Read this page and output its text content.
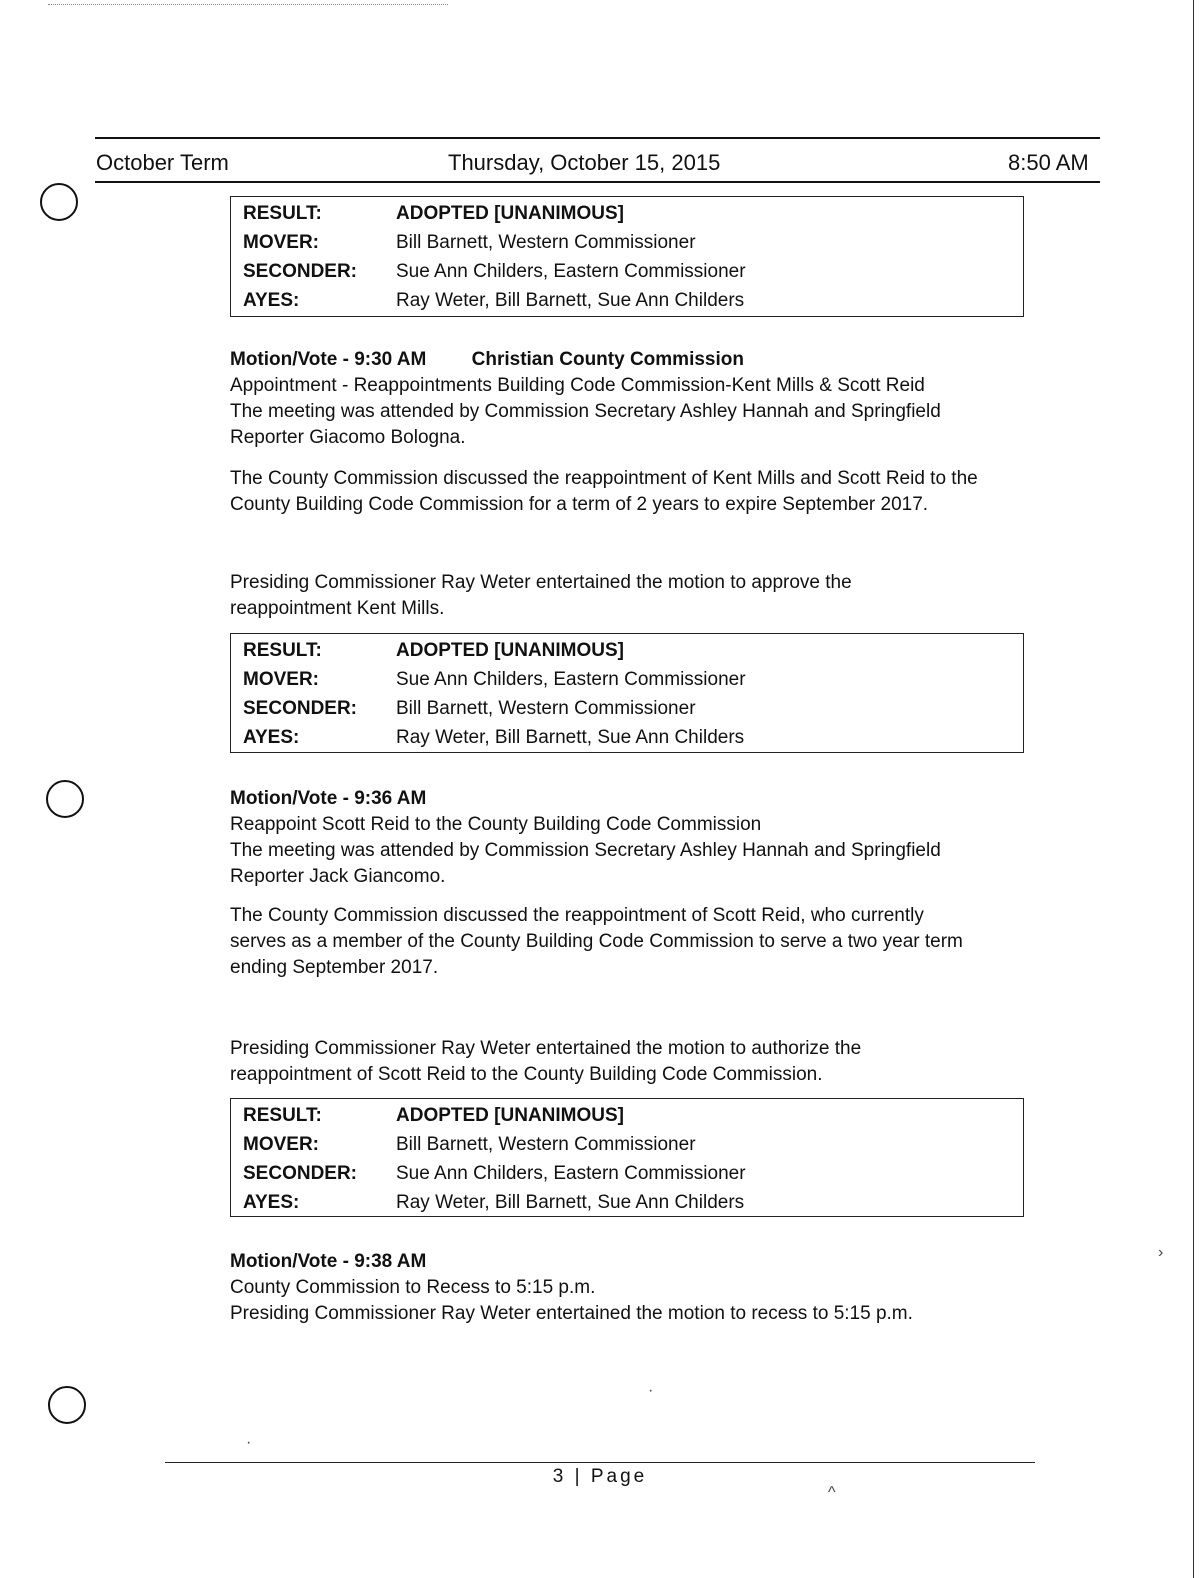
October Term	Thursday, October 15, 2015	8:50 AM
RESULT:	ADOPTED [UNANIMOUS]
MOVER:	Bill Barnett, Western Commissioner
SECONDER:	Sue Ann Childers, Eastern Commissioner
AYES:	Ray Weter, Bill Barnett, Sue Ann Childers
Motion/Vote - 9:30 AM Christian County Commission
Appointment - Reappointments Building Code Commission-Kent Mills & Scott Reid
The meeting was attended by Commission Secretary Ashley Hannah and Springfield
Reporter Giacomo Bologna.
The County Commission discussed the reappointment of Kent Mills and Scott Reid to the
County Building Code Commission for a term of 2 years to expire September 2017.
Presiding Commissioner Ray Weter entertained the motion to approve the
reappointment Kent Mills.
RESULT:	ADOPTED [UNANIMOUS]
MOVER:	Sue Ann Childers, Eastern Commissioner
SECONDER:	Bill Barnett, Western Commissioner
AYES:	Ray Weter, Bill Barnett, Sue Ann Childers
Motion/Vote - 9:36 AM
Reappoint Scott Reid to the County Building Code Commission
The meeting was attended by Commission Secretary Ashley Hannah and Springfield
Reporter Jack Giancomo.
The County Commission discussed the reappointment of Scott Reid, who currently
serves as a member of the County Building Code Commission to serve a two year term
ending September 2017.
Presiding Commissioner Ray Weter entertained the motion to authorize the
reappointment of Scott Reid to the County Building Code Commission.
RESULT:	ADOPTED [UNANIMOUS]
MOVER:	Bill Barnett, Western Commissioner
SECONDER:	Sue Ann Childers, Eastern Commissioner
AYES:	Ray Weter, Bill Barnett, Sue Ann Childers
Motion/Vote - 9:38 AM
County Commission to Recess to 5:15 p.m.
Presiding Commissioner Ray Weter entertained the motion to recess to 5:15 p.m.
›
·
·
^
3 | Page
